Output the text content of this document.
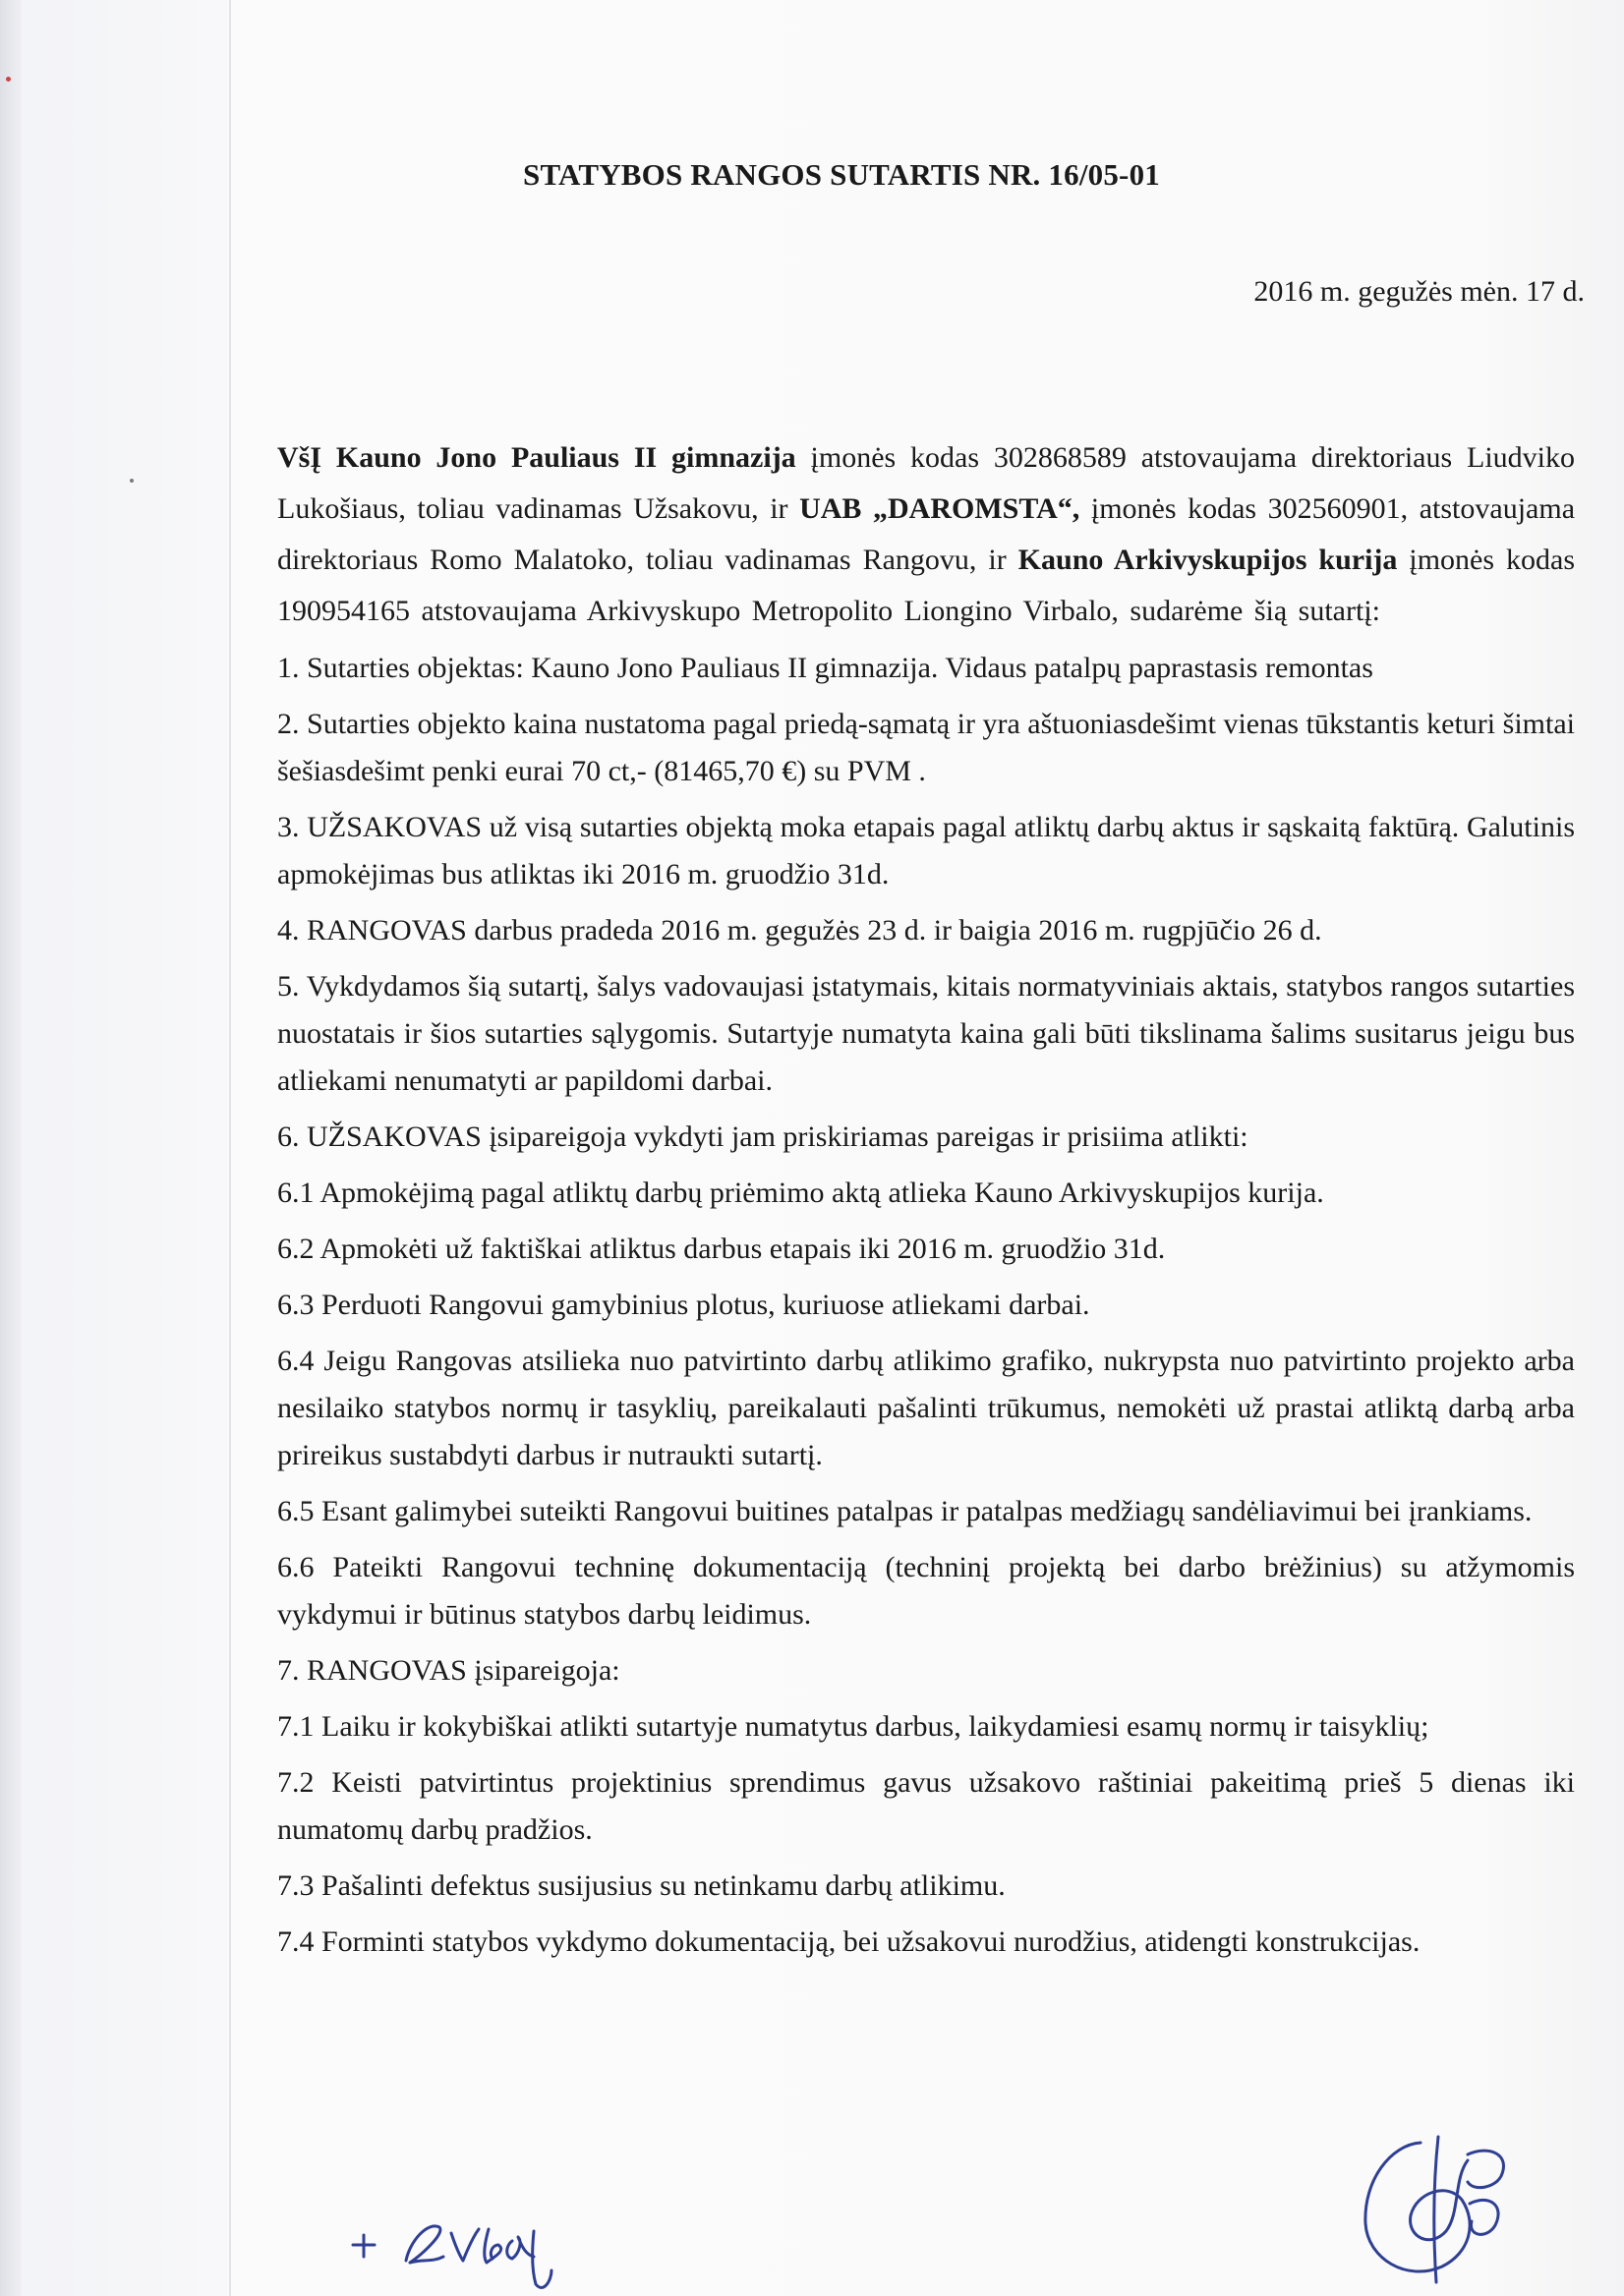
STATYBOS RANGOS SUTARTIS NR. 16/05-01
2016 m. gegužės mėn. 17 d.

VšĮ Kauno Jono Pauliaus II gimnazija įmonės kodas 302868589 atstovaujama direktoriaus Liudviko Lukošiaus, toliau vadinamas Užsakovu, ir UAB „DAROMSTA“, įmonės kodas 302560901, atstovaujama direktoriaus Romo Malatoko, toliau vadinamas Rangovu, ir Kauno Arkivyskupijos kurija įmonės kodas 190954165 atstovaujama Arkivyskupo Metropolito Liongino Virbalo, sudarėme šią sutartį:

1. Sutarties objektas: Kauno Jono Pauliaus II gimnazija. Vidaus patalpų paprastasis remontas

2. Sutarties objekto kaina nustatoma pagal priedą-sąmatą ir yra aštuoniasdešimt vienas tūkstantis keturi šimtai šešiasdešimt penki eurai 70 ct,- (81465,70 €) su PVM .

3. UŽSAKOVAS už visą sutarties objektą moka etapais pagal atliktų darbų aktus ir sąskaitą faktūrą. Galutinis apmokėjimas bus atliktas iki 2016 m. gruodžio 31d.

4. RANGOVAS darbus pradeda 2016 m. gegužės 23 d. ir baigia 2016 m. rugpjūčio 26 d.

5. Vykdydamos šią sutartį, šalys vadovaujasi įstatymais, kitais normatyviniais aktais, statybos rangos sutarties nuostatais ir šios sutarties sąlygomis. Sutartyje numatyta kaina gali būti tikslinama šalims susitarus jeigu bus atliekami nenumatyti ar papildomi darbai.

6. UŽSAKOVAS įsipareigoja vykdyti jam priskiriamas pareigas ir prisiima atlikti:

6.1 Apmokėjimą pagal atliktų darbų priėmimo aktą atlieka Kauno Arkivyskupijos kurija.

6.2 Apmokėti už faktiškai atliktus darbus etapais iki 2016 m. gruodžio 31d.

6.3 Perduoti Rangovui gamybinius plotus, kuriuose atliekami darbai.

6.4 Jeigu Rangovas atsilieka nuo patvirtinto darbų atlikimo grafiko, nukrypsta nuo patvirtinto projekto arba nesilaiko statybos normų ir tasyklių, pareikalauti pašalinti trūkumus, nemokėti už prastai atliktą darbą arba prireikus sustabdyti darbus ir nutraukti sutartį.

6.5 Esant galimybei suteikti Rangovui buitines patalpas ir patalpas medžiagų sandėliavimui bei įrankiams.

6.6 Pateikti Rangovui techninę dokumentaciją (techninį projektą bei darbo brėžinius) su atžymomis vykdymui ir būtinus statybos darbų leidimus.

7. RANGOVAS įsipareigoja:

7.1 Laiku ir kokybiškai atlikti sutartyje numatytus darbus, laikydamiesi esamų normų ir taisyklių;

7.2 Keisti patvirtintus projektinius sprendimus gavus užsakovo raštiniai pakeitimą prieš 5 dienas iki numatomų darbų pradžios.

7.3 Pašalinti defektus susijusius su netinkamu darbų atlikimu.

7.4 Forminti statybos vykdymo dokumentaciją, bei užsakovui nurodžius, atidengti konstrukcijas.
